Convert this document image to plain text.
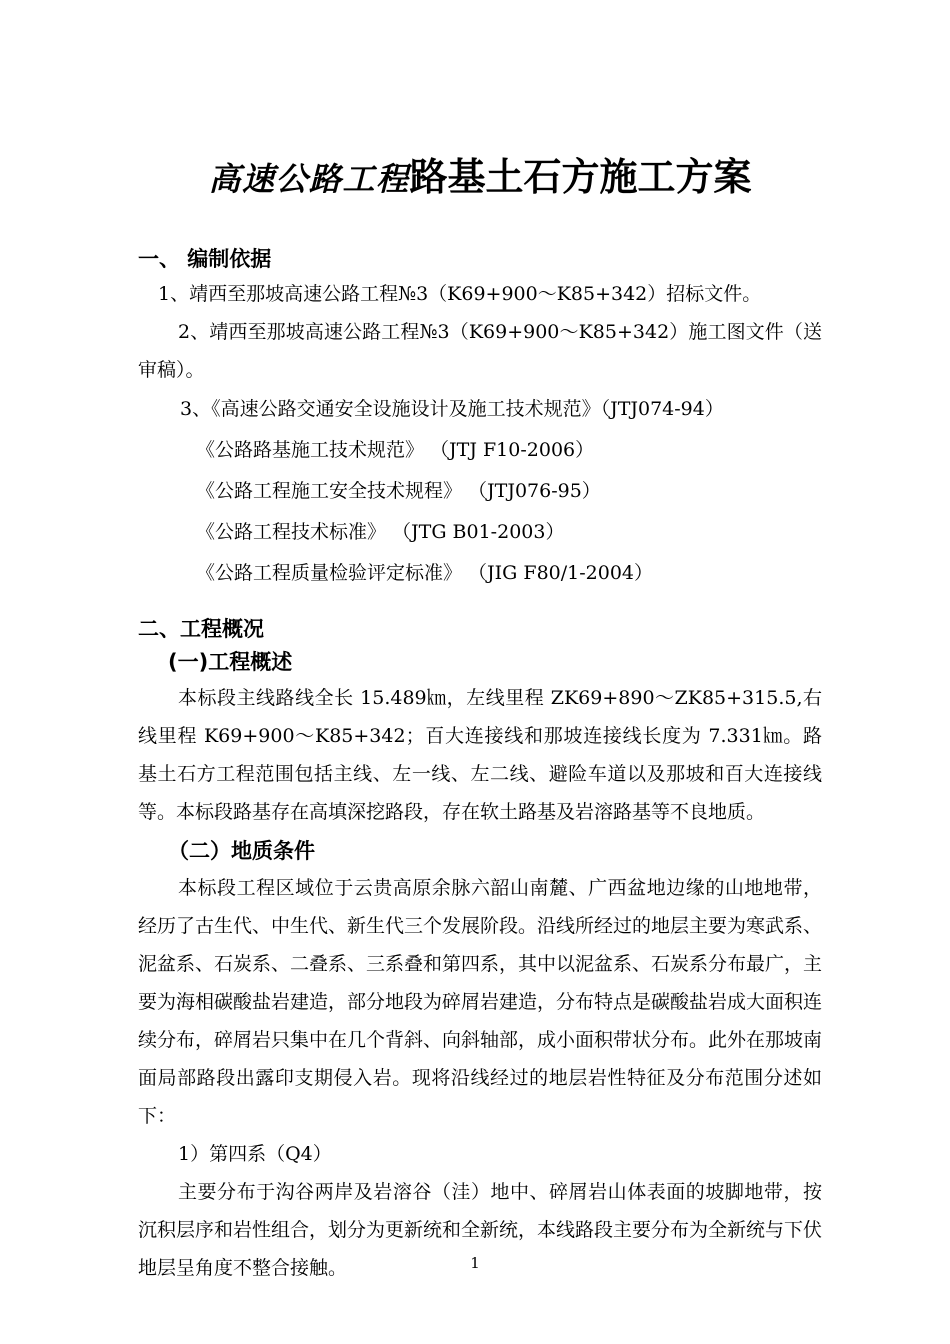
高速公路工程路基土石方施工方案
一、 编制依据

1、靖西至那坡高速公路工程№3（K69+900～K85+342）招标文件。

2、靖西至那坡高速公路工程№3（K69+900～K85+342）施工图文件（送审稿）。

3、《高速公路交通安全设施设计及施工技术规范》（JTJ074-94）

《公路路基施工技术规范》 （JTJ F10-2006）

《公路工程施工安全技术规程》 （JTJ076-95）

《公路工程技术标准》 （JTG B01-2003）

《公路工程质量检验评定标准》 （JIG F80/1-2004）

二、工程概况
(一)工程概述

本标段主线路线全长 15.489㎞，左线里程 ZK69+890～ZK85+315.5,右线里程 K69+900～K85+342；百大连接线和那坡连接线长度为 7.331㎞。路基土石方工程范围包括主线、左一线、左二线、避险车道以及那坡和百大连接线等。本标段路基存在高填深挖路段，存在软土路基及岩溶路基等不良地质。

（二）地质条件

本标段工程区域位于云贵高原余脉六韶山南麓、广西盆地边缘的山地地带，经历了古生代、中生代、新生代三个发展阶段。沿线所经过的地层主要为寒武系、泥盆系、石炭系、二叠系、三系叠和第四系，其中以泥盆系、石炭系分布最广，主要为海相碳酸盐岩建造，部分地段为碎屑岩建造，分布特点是碳酸盐岩成大面积连续分布，碎屑岩只集中在几个背斜、向斜轴部，成小面积带状分布。此外在那坡南面局部路段出露印支期侵入岩。现将沿线经过的地层岩性特征及分布范围分述如下：

1）第四系（Q4）

主要分布于沟谷两岸及岩溶谷（洼）地中、碎屑岩山体表面的坡脚地带，按沉积层序和岩性组合，划分为更新统和全新统，本线路段主要分布为全新统与下伏地层呈角度不整合接触。	1
